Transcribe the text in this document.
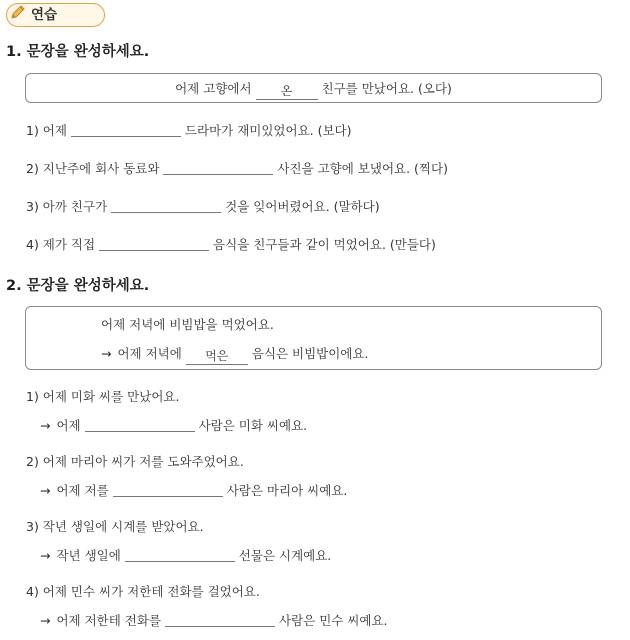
연습
1. 문장을 완성하세요.
어제 고향에서 온 친구를 만났어요. (오다)
1) 어제	드라마가 재미있었어요. (보다)
2) 지난주에 회사 동료와	사진을 고향에 보냈어요. (찍다)
3) 아까 친구가	것을 잊어버렸어요. (말하다)
4) 제가 직접	음식을 친구들과 같이 먹었어요. (만들다)
2. 문장을 완성하세요.
어제 저녁에 비빔밥을 먹었어요.
→ 어제 저녁에 먹은 음식은 비빔밥이에요.
1) 어제 미화 씨를 만났어요.
→ 어제	사람은 미화 씨예요.
2) 어제 마리아 씨가 저를 도와주었어요.
→ 어제 저를	사람은 마리아 씨예요.
3) 작년 생일에 시계를 받았어요.
→ 작년 생일에	선물은 시계예요.
4) 어제 민수 씨가 저한테 전화를 걸었어요.
→ 어제 저한테 전화를	사람은 민수 씨예요.
